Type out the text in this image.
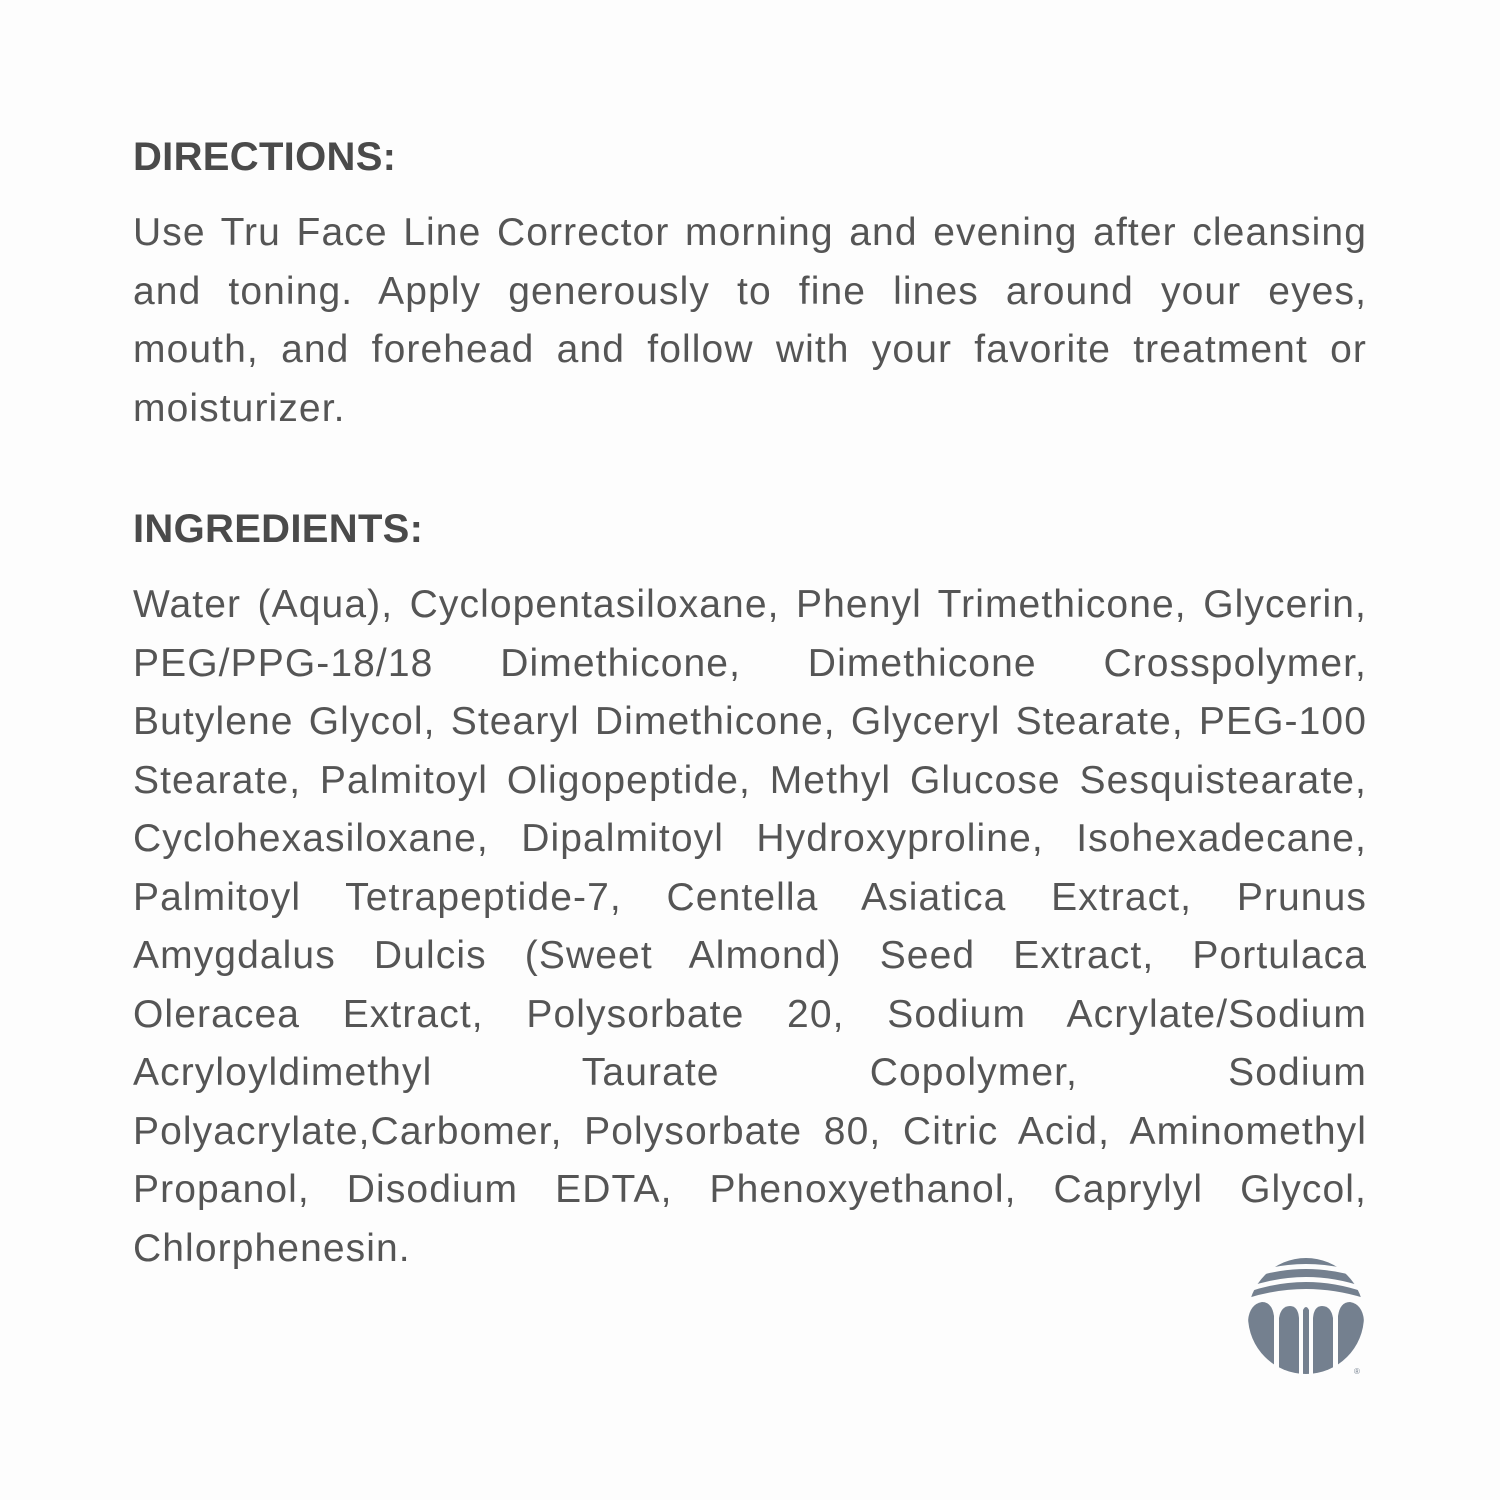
DIRECTIONS:

Use Tru Face Line Corrector morning and evening after cleansing and toning. Apply generously to fine lines around your eyes, mouth, and forehead and follow with your favorite treatment or moisturizer.

INGREDIENTS:

Water (Aqua), Cyclopentasiloxane, Phenyl Trimethicone, Glycerin, PEG/PPG-18/18 Dimethicone, Dimethicone Crosspolymer, Butylene Glycol, Stearyl Dimethicone, Glyceryl Stearate, PEG-100 Stearate, Palmitoyl Oligopeptide, Methyl Glucose Sesquistearate, Cyclohexasiloxane, Dipalmitoyl Hydroxyproline, Isohexadecane, Palmitoyl Tetrapeptide-7, Centella Asiatica Extract, Prunus Amygdalus Dulcis (Sweet Almond) Seed Extract, Portulaca Oleracea Extract, Polysorbate 20, Sodium Acrylate/Sodium Acryloyldimethyl Taurate Copolymer, Sodium Polyacrylate,Carbomer, Polysorbate 80, Citric Acid, Aminomethyl Propanol, Disodium EDTA, Phenoxyethanol, Caprylyl Glycol, Chlorphenesin.

®
